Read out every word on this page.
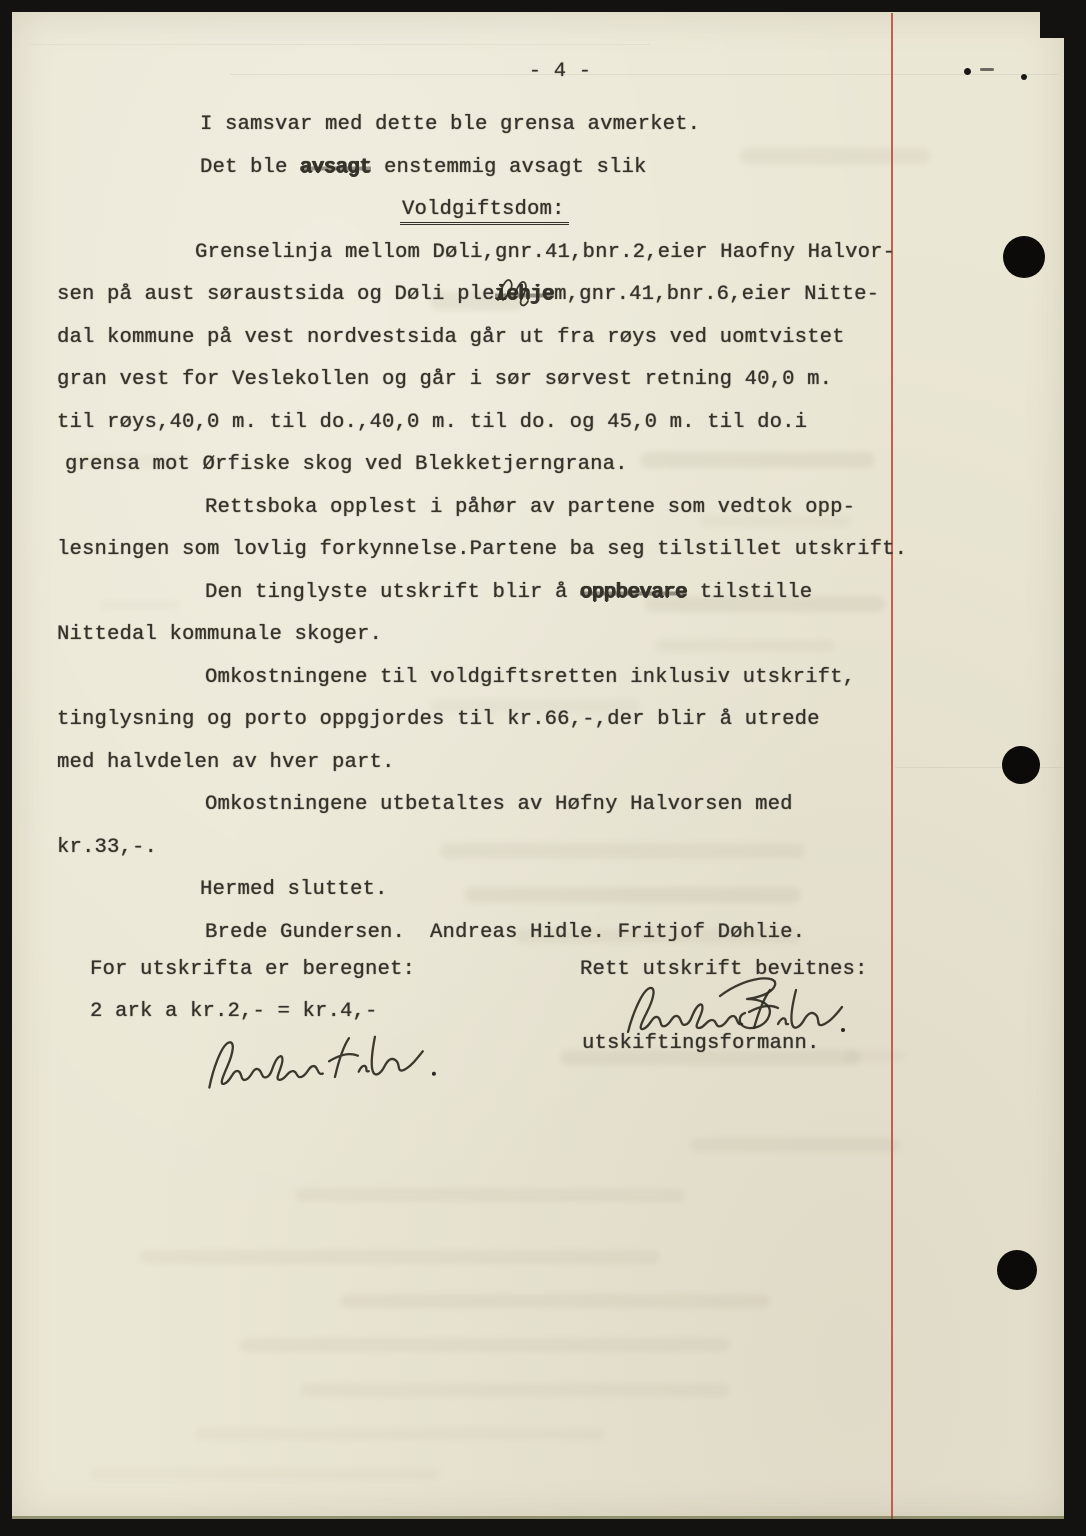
- 4 -
I samsvar med dette ble grensa avmerket.
Det ble avsagt enstemmig avsagt slik
Voldgiftsdom:
Grenselinja mellom Døli,gnr.41,bnr.2,eier Haofny Halvor-
sen på aust søraustsida og Døli pleiehjem,gnr.41,bnr.6,eier Nitte-
dal kommune på vest nordvestsida går ut fra røys ved uomtvistet
gran vest for Veslekollen og går i sør sørvest retning 40,0 m.
til røys,40,0 m. til do.,40,0 m. til do. og 45,0 m. til do.i
grensa mot Ørfiske skog ved Blekketjerngrana.
Rettsboka opplest i påhør av partene som vedtok opp-
lesningen som lovlig forkynnelse.Partene ba seg tilstillet utskrift.
Den tinglyste utskrift blir å oppbevare tilstille
Nittedal kommunale skoger.
Omkostningene til voldgiftsretten inklusiv utskrift,
tinglysning og porto oppgjordes til kr.66,-,der blir å utrede
med halvdelen av hver part.
Omkostningene utbetaltes av Høfny Halvorsen med
kr.33,-.
Hermed sluttet.
Brede Gundersen.  Andreas Hidle. Fritjof Døhlie.
For utskrifta er beregnet:
2 ark a kr.2,- = kr.4,-
Rett utskrift bevitnes:
utskiftingsformann.
